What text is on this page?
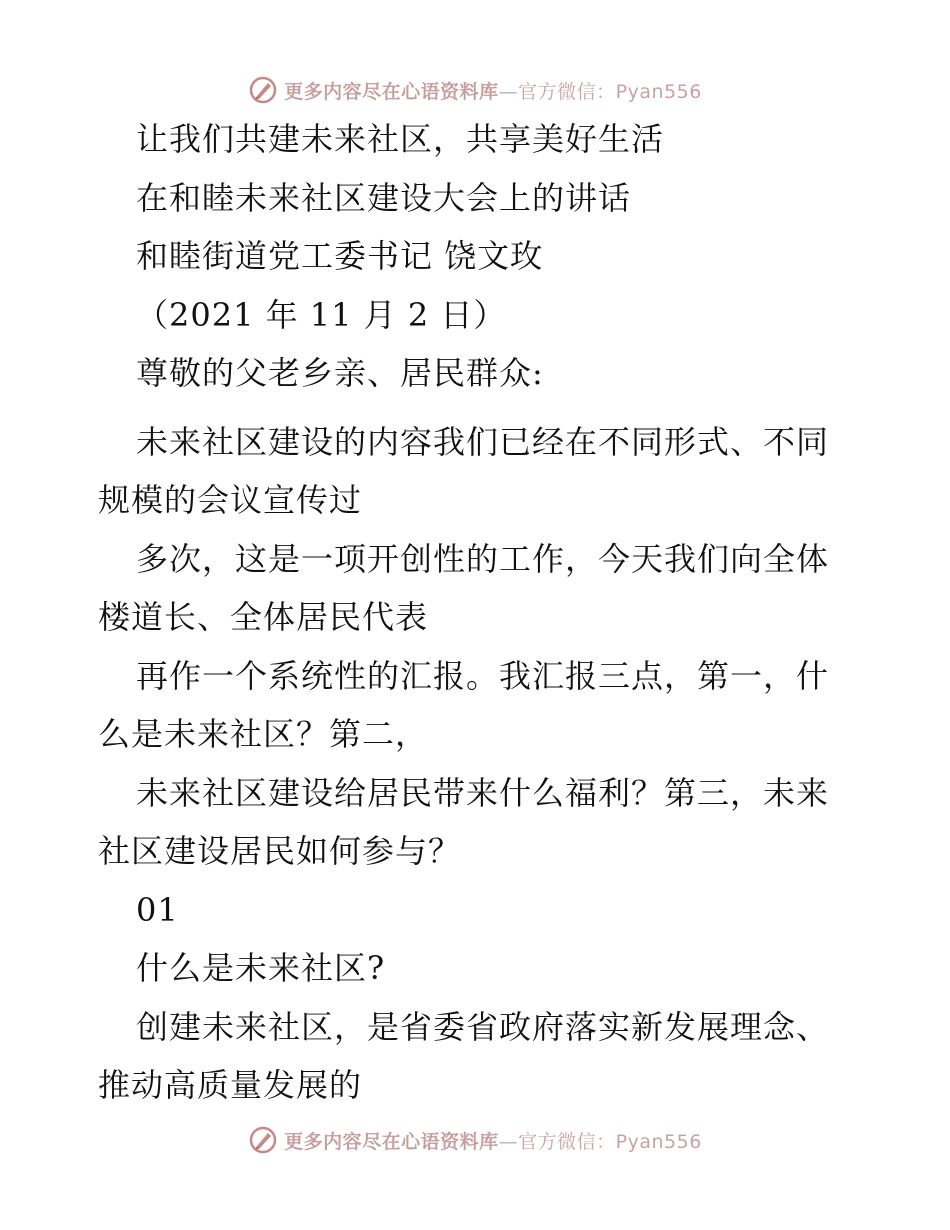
更多内容尽在心语资料库—官方微信：Pyan556
让我们共建未来社区，共享美好生活
在和睦未来社区建设大会上的讲话
和睦街道党工委书记 饶文玫
（2021 年 11 月 2 日）
尊敬的父老乡亲、居民群众:

未来社区建设的内容我们已经在不同形式、不同规模的会议宣传过

多次，这是一项开创性的工作，今天我们向全体楼道长、全体居民代表

再作一个系统性的汇报。我汇报三点，第一，什么是未来社区？第二，

未来社区建设给居民带来什么福利？第三，未来社区建设居民如何参与？

01

什么是未来社区?

创建未来社区，是省委省政府落实新发展理念、推动高质量发展的

更多内容尽在心语资料库—官方微信：Pyan556
